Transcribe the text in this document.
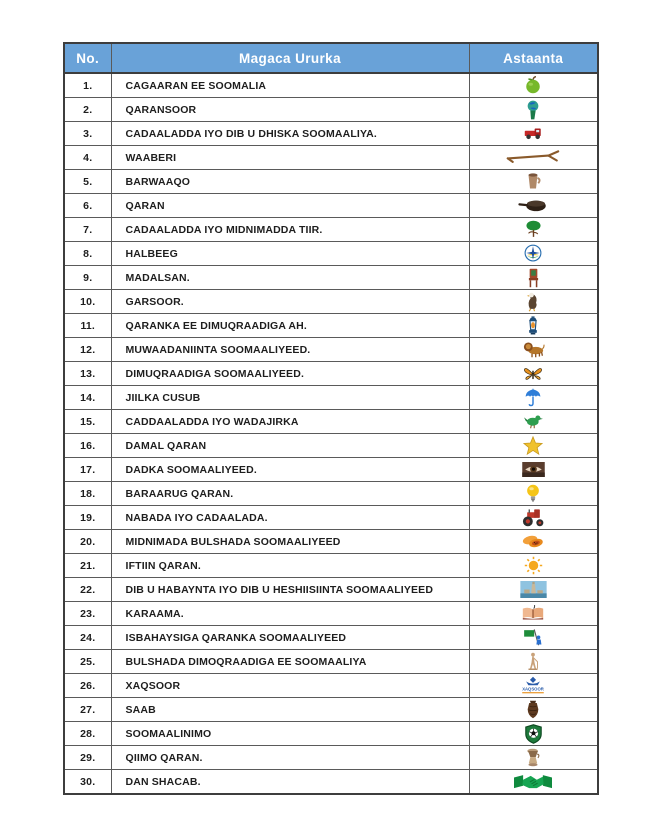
No.	Magaca Ururka	Astaanta
1.	CAGAARAN EE SOOMALIA	

2.	QARANSOOR	

3.	CADAALADDA IYO DIB U DHISKA SOOMAALIYA.	

4.	WAABERI	

5.	BARWAAQO	

6.	QARAN	

7.	CADAALADDA IYO MIDNIMADDA TIIR.	

8.	HALBEEG	

9.	MADALSAN.	

10.	GARSOOR.	

11.	QARANKA EE DIMUQRAADIGA AH.	

12.	MUWAADANIINTA SOOMAALIYEED.	

13.	DIMUQRAADIGA SOOMAALIYEED.	

14.	JIILKA CUSUB	

15.	CADDAALADDA IYO WADAJIRKA	

16.	DAMAL QARAN	

17.	DADKA SOOMAALIYEED.	

18.	BARAARUG QARAN.	

19.	NABADA IYO CADAALADA.	

20.	MIDNIMADA BULSHADA SOOMAALIYEED	

21.	IFTIIN QARAN.	

22.	DIB U HABAYNTA IYO DIB U HESHIISIINTA SOOMAALIYEED	

23.	KARAAMA.	

24.	ISBAHAYSIGA QARANKA SOOMAALIYEED	

25.	BULSHADA DIMOQRAADIGA EE SOOMAALIYA	

26.	XAQSOOR	XAQSOOR

27.	SAAB	

28.	SOOMAALINIMO	

29.	QIIMO QARAN.	

30.	DAN SHACAB.	
